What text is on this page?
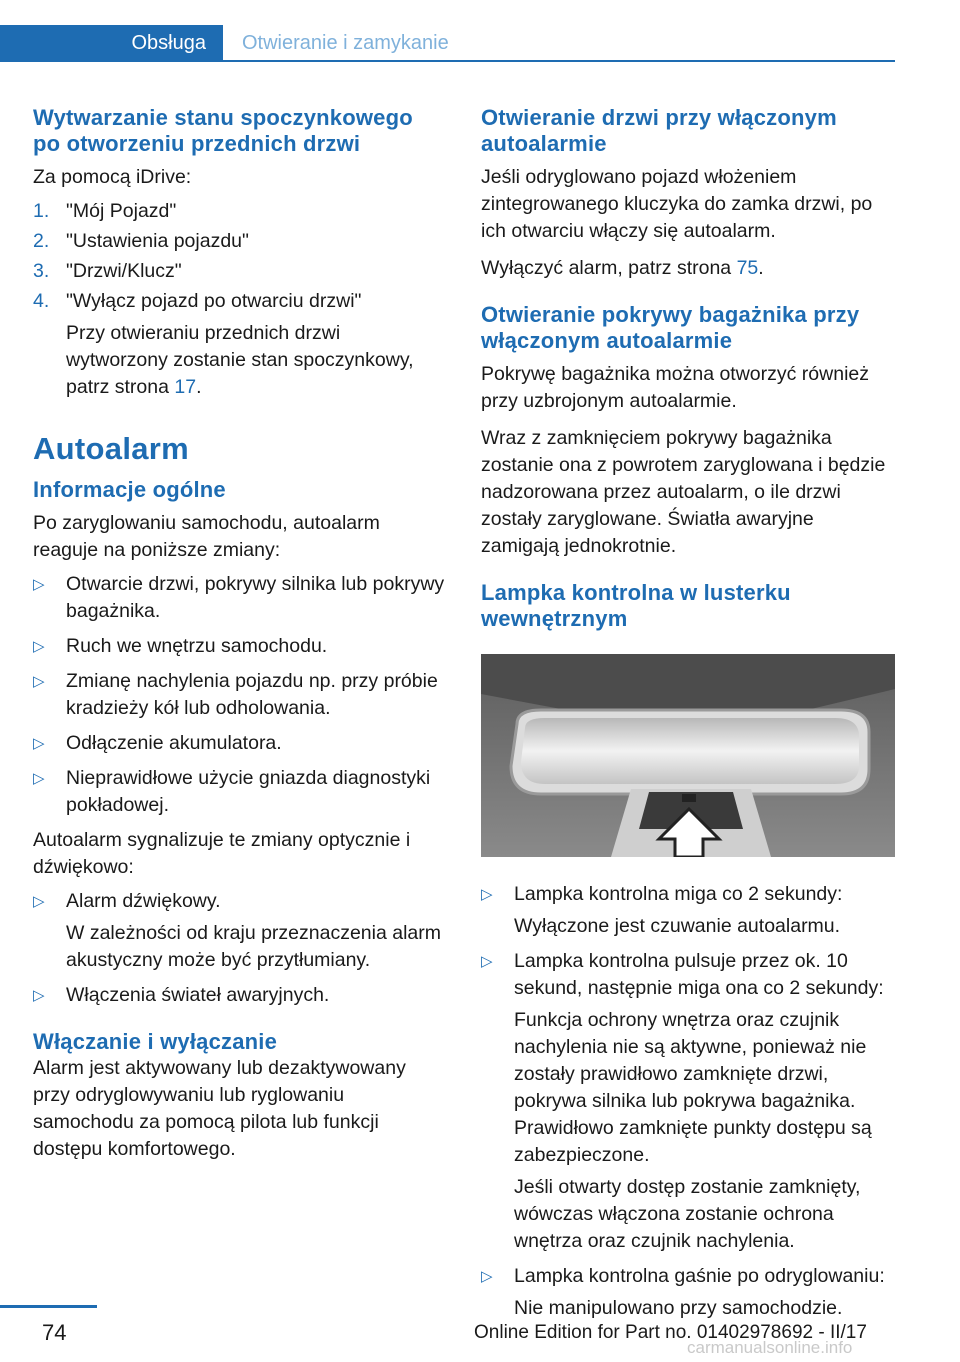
Obsługa	Otwieranie i zamykanie
Wytwarzanie stanu spoczynkowego po otworzeniu przednich drzwi

Za pomocą iDrive:

1. "Mój Pojazd"
2. "Ustawienia pojazdu"
3. "Drzwi/Klucz"
4. "Wyłącz pojazd po otwarciu drzwi"

Przy otwieraniu przednich drzwi wytworzony zostanie stan spoczynkowy, patrz strona 17.

Autoalarm
Informacje ogólne

Po zaryglowaniu samochodu, autoalarm reaguje na poniższe zmiany:

▷ Otwarcie drzwi, pokrywy silnika lub pokrywy bagażnika.
▷ Ruch we wnętrzu samochodu.
▷ Zmianę nachylenia pojazdu np. przy próbie kradzieży kół lub odholowania.
▷ Odłączenie akumulatora.
▷ Nieprawidłowe użycie gniazda diagnostyki pokładowej.

Autoalarm sygnalizuje te zmiany optycznie i dźwiękowo:

▷ Alarm dźwiękowy.

W zależności od kraju przeznaczenia alarm akustyczny może być przytłumiany.

▷ Włączenia świateł awaryjnych.
Włączanie i wyłączanie

Alarm jest aktywowany lub dezaktywowany przy odryglowywaniu lub ryglowaniu samochodu za pomocą pilota lub funkcji dostępu komfortowego.

Otwieranie drzwi przy włączonym autoalarmie

Jeśli odryglowano pojazd włożeniem zintegrowanego kluczyka do zamka drzwi, po ich otwarciu włączy się autoalarm.

Wyłączyć alarm, patrz strona 75.

Otwieranie pokrywy bagażnika przy włączonym autoalarmie

Pokrywę bagażnika można otworzyć również przy uzbrojonym autoalarmie.

Wraz z zamknięciem pokrywy bagażnika zostanie ona z powrotem zaryglowana i będzie nadzorowana przez autoalarm, o ile drzwi zostały zaryglowane. Światła awaryjne zamigają jednokrotnie.

Lampka kontrolna w lusterku wewnętrznym
▷ Lampka kontrolna miga co 2 sekundy:

Wyłączone jest czuwanie autoalarmu.

▷ Lampka kontrolna pulsuje przez ok. 10 sekund, następnie miga ona co 2 sekundy:

Funkcja ochrony wnętrza oraz czujnik nachylenia nie są aktywne, ponieważ nie zostały prawidłowo zamknięte drzwi, pokrywa silnika lub pokrywa bagażnika. Prawidłowo zamknięte punkty dostępu są zabezpieczone.

Jeśli otwarty dostęp zostanie zamknięty, wówczas włączona zostanie ochrona wnętrza oraz czujnik nachylenia.

▷ Lampka kontrolna gaśnie po odryglowaniu:

Nie manipulowano przy samochodzie.

74	Online Edition for Part no. 01402978692 - II/17
carmanualsonline.info
